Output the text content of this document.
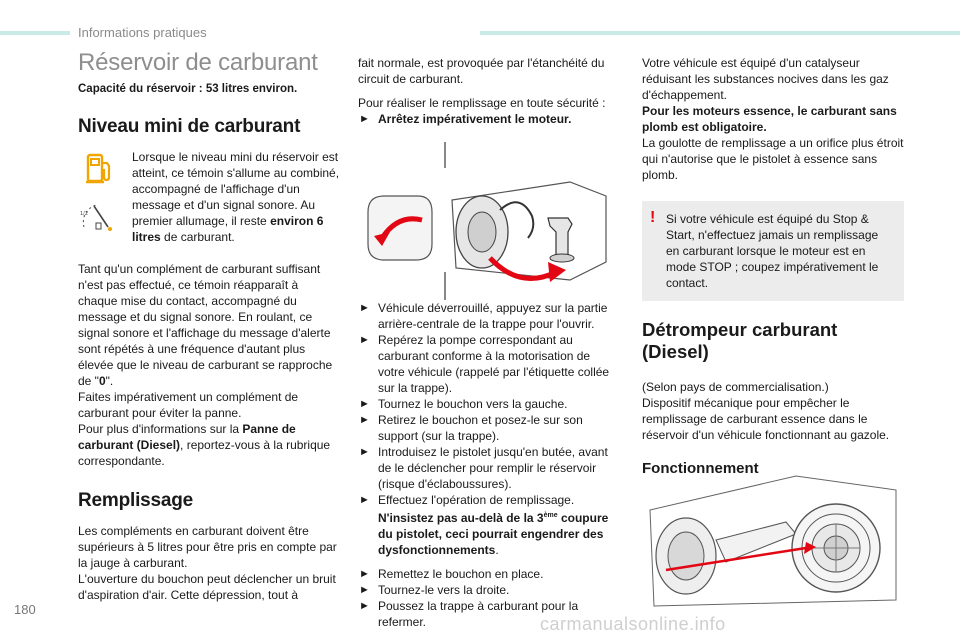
Informations pratiques
Réservoir de carburant

Capacité du réservoir : 53 litres environ.

Niveau mini de carburant
1/2
Lorsque le niveau mini du réservoir est atteint, ce témoin s'allume au combiné, accompagné de l'affichage d'un message et d'un signal sonore. Au premier allumage, il reste environ 6 litres de carburant.

Tant qu'un complément de carburant suffisant n'est pas effectué, ce témoin réapparaît à chaque mise du contact, accompagné du message et du signal sonore. En roulant, ce signal sonore et l'affichage du message d'alerte sont répétés à une fréquence d'autant plus élevée que le niveau de carburant se rapproche de "0".

Faites impérativement un complément de carburant pour éviter la panne.

Pour plus d'informations sur la Panne de carburant (Diesel), reportez-vous à la rubrique correspondante.

Remplissage

Les compléments en carburant doivent être supérieurs à 5 litres pour être pris en compte par la jauge à carburant.

L'ouverture du bouchon peut déclencher un bruit d'aspiration d'air. Cette dépression, tout à

fait normale, est provoquée par l'étanchéité du circuit de carburant.

Pour réaliser le remplissage en toute sécurité :

► Arrêtez impérativement le moteur.
► Véhicule déverrouillé, appuyez sur la partie arrière-centrale de la trappe pour l'ouvrir.
► Repérez la pompe correspondant au carburant conforme à la motorisation de votre véhicule (rappelé par l'étiquette collée sur la trappe).
► Tournez le bouchon vers la gauche.
► Retirez le bouchon et posez-le sur son support (sur la trappe).
► Introduisez le pistolet jusqu'en butée, avant de le déclencher pour remplir le réservoir (risque d'éclaboussures).
► Effectuez l'opération de remplissage.
N'insistez pas au-delà de la 3ème coupure du pistolet, ceci pourrait engendrer des dysfonctionnements.
► Remettez le bouchon en place.
► Tournez-le vers la droite.
► Poussez la trappe à carburant pour la refermer.

Votre véhicule est équipé d'un catalyseur réduisant les substances nocives dans les gaz d'échappement.

Pour les moteurs essence, le carburant sans plomb est obligatoire.

La goulotte de remplissage a un orifice plus étroit qui n'autorise que le pistolet à essence sans plomb.

! Si votre véhicule est équipé du Stop & Start, n'effectuez jamais un remplissage en carburant lorsque le moteur est en mode STOP ; coupez impérativement le contact.
Détrompeur carburant (Diesel)

(Selon pays de commercialisation.)

Dispositif mécanique pour empêcher le remplissage de carburant essence dans le réservoir d'un véhicule fonctionnant au gazole.

Fonctionnement
180
carmanualsonline.info
